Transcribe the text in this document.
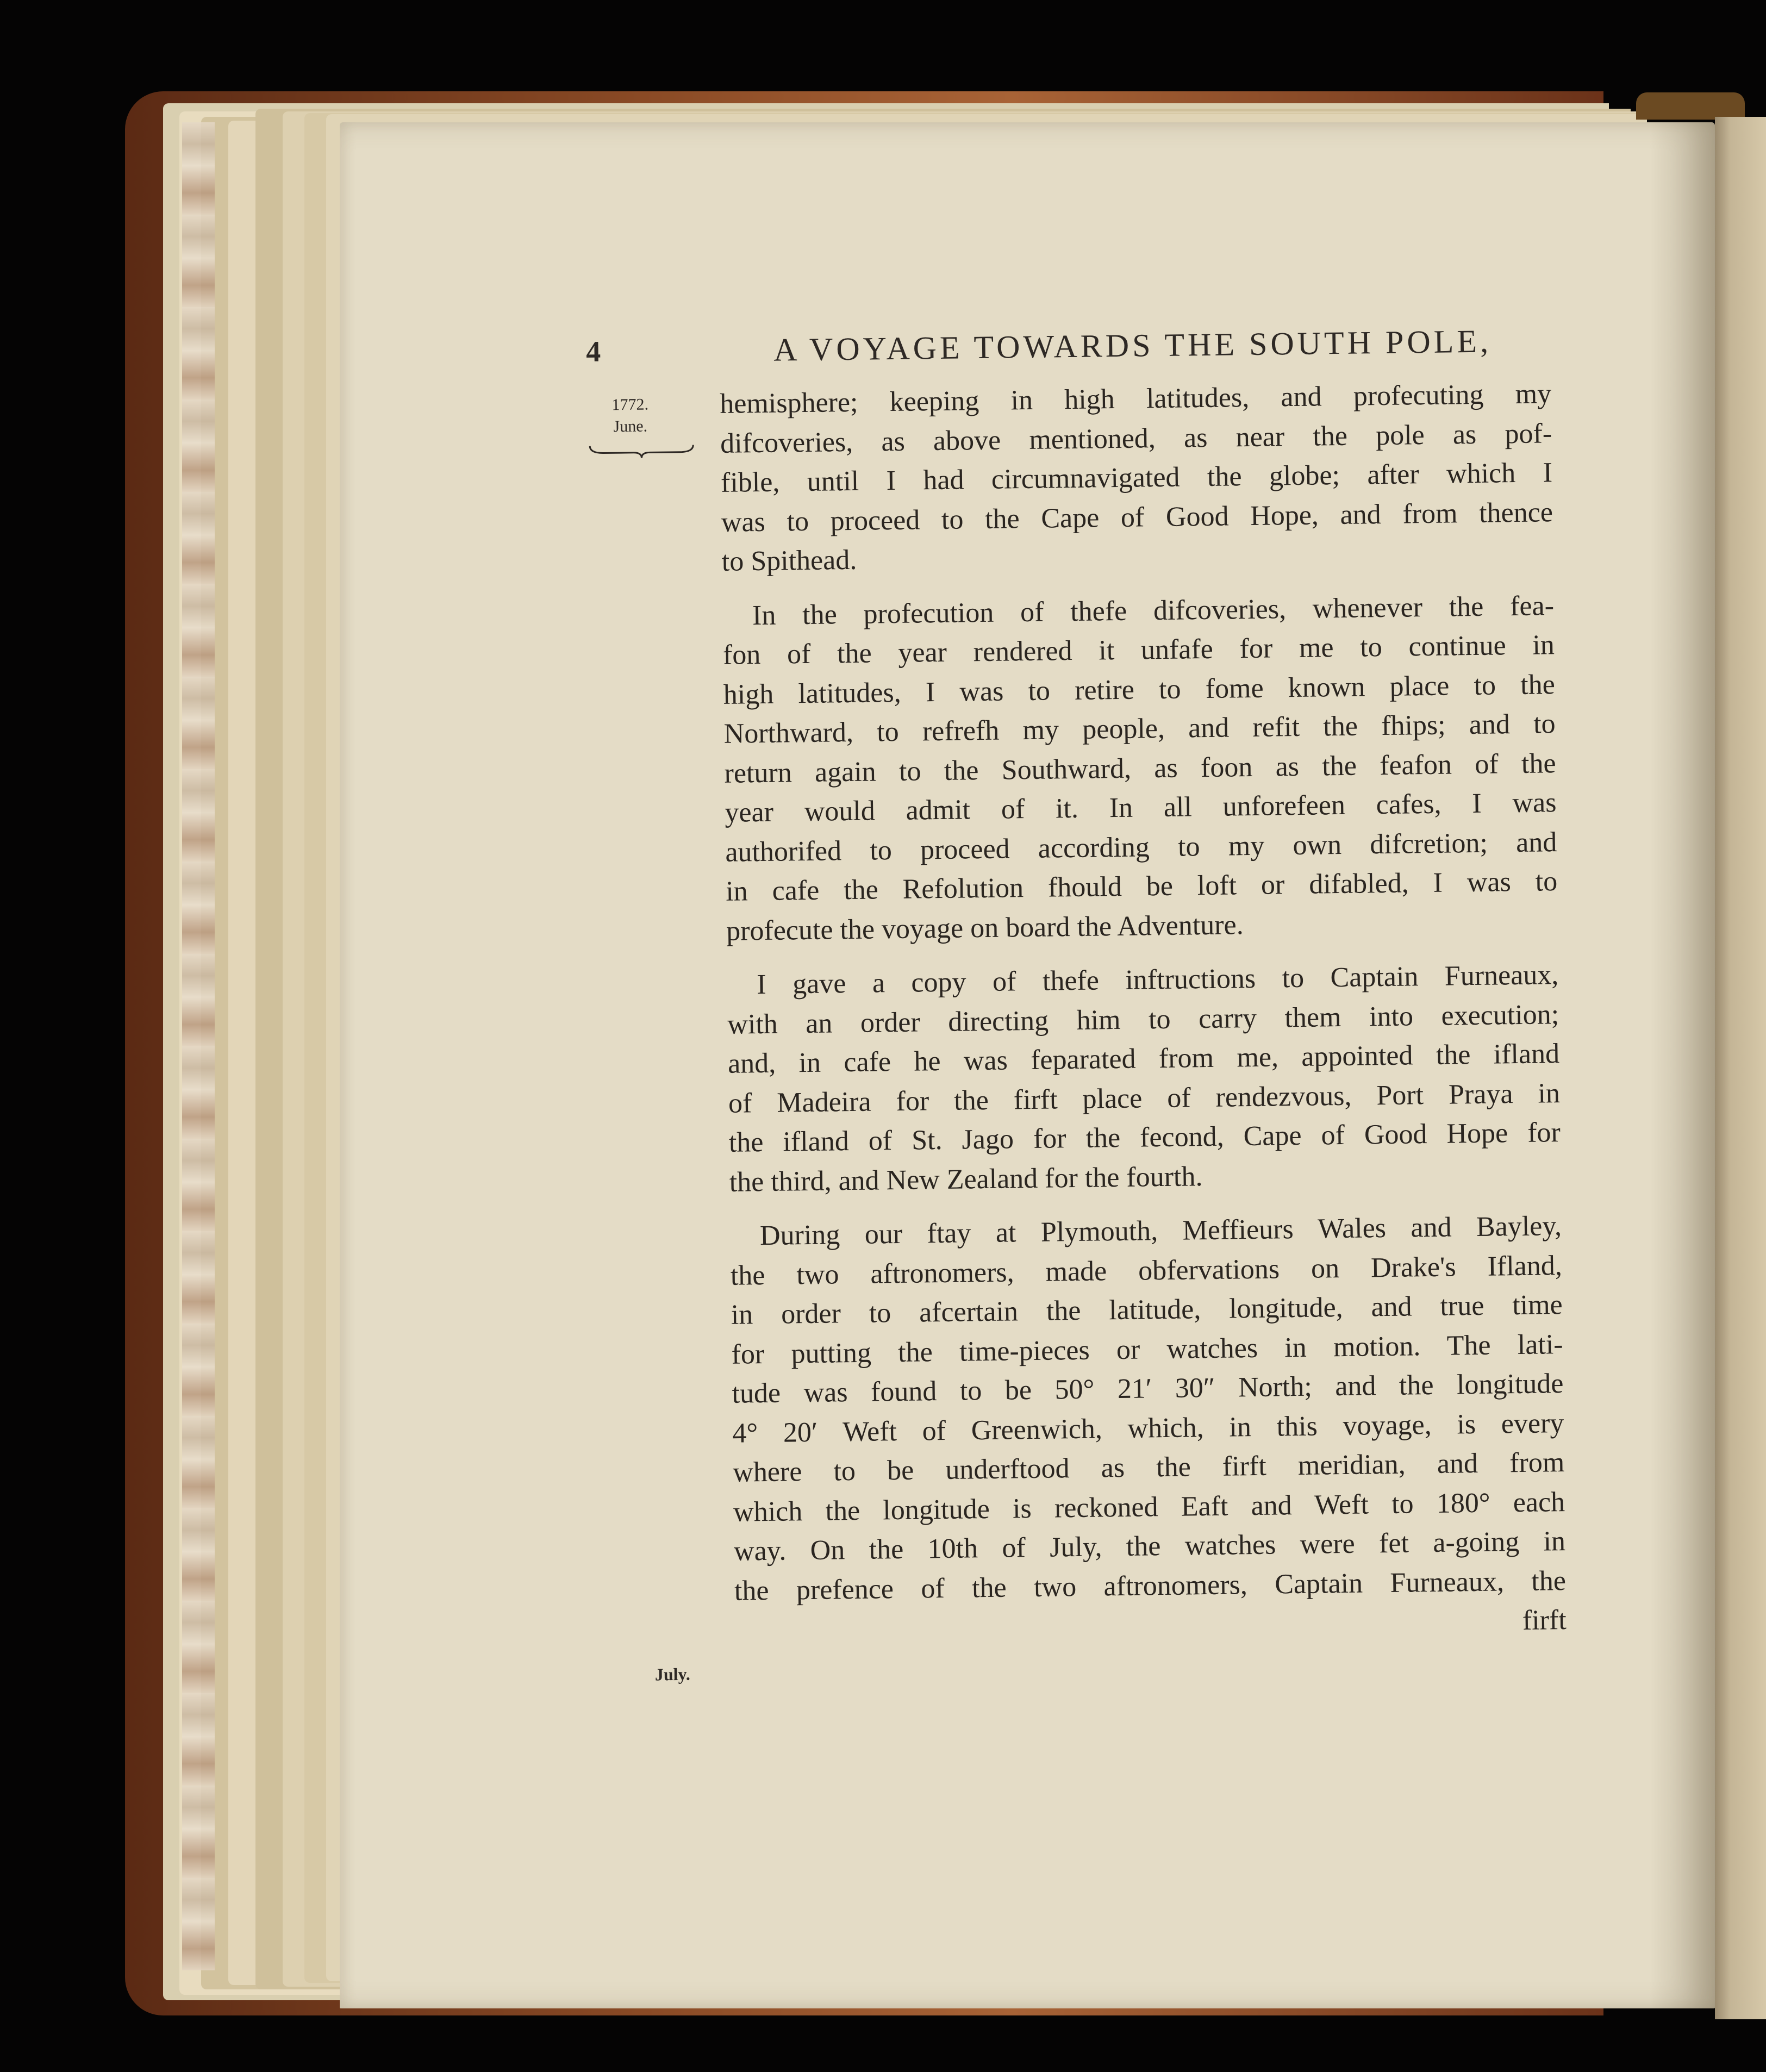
4	A VOYAGE TOWARDS THE SOUTH POLE,
1772.
June.
July.

hemisphere; keeping in high latitudes, and profecuting my
difcoveries, as above mentioned, as near the pole as pof-
fible, until I had circumnavigated the globe; after which I
was to proceed to the Cape of Good Hope, and from thence
to Spithead.

In the profecution of thefe difcoveries, whenever the fea-
fon of the year rendered it unfafe for me to continue in
high latitudes, I was to retire to fome known place to the
Northward, to refrefh my people, and refit the fhips; and to
return again to the Southward, as foon as the feafon of the
year would admit of it. In all unforefeen cafes, I was
authorifed to proceed according to my own difcretion; and
in cafe the Refolution fhould be loft or difabled, I was to
profecute the voyage on board the Adventure.

I gave a copy of thefe inftructions to Captain Furneaux,
with an order directing him to carry them into execution;
and, in cafe he was feparated from me, appointed the ifland
of Madeira for the firft place of rendezvous, Port Praya in
the ifland of St. Jago for the fecond, Cape of Good Hope for
the third, and New Zealand for the fourth.

During our ftay at Plymouth, Meffieurs Wales and Bayley,
the two aftronomers, made obfervations on Drake's Ifland,
in order to afcertain the latitude, longitude, and true time
for putting the time-pieces or watches in motion. The lati-
tude was found to be 50° 21′ 30″ North; and the longitude
4° 20′ Weft of Greenwich, which, in this voyage, is every
where to be underftood as the firft meridian, and from
which the longitude is reckoned Eaft and Weft to 180° each
way. On the 10th of July, the watches were fet a-going in
the prefence of the two aftronomers, Captain Furneaux, the
firft
